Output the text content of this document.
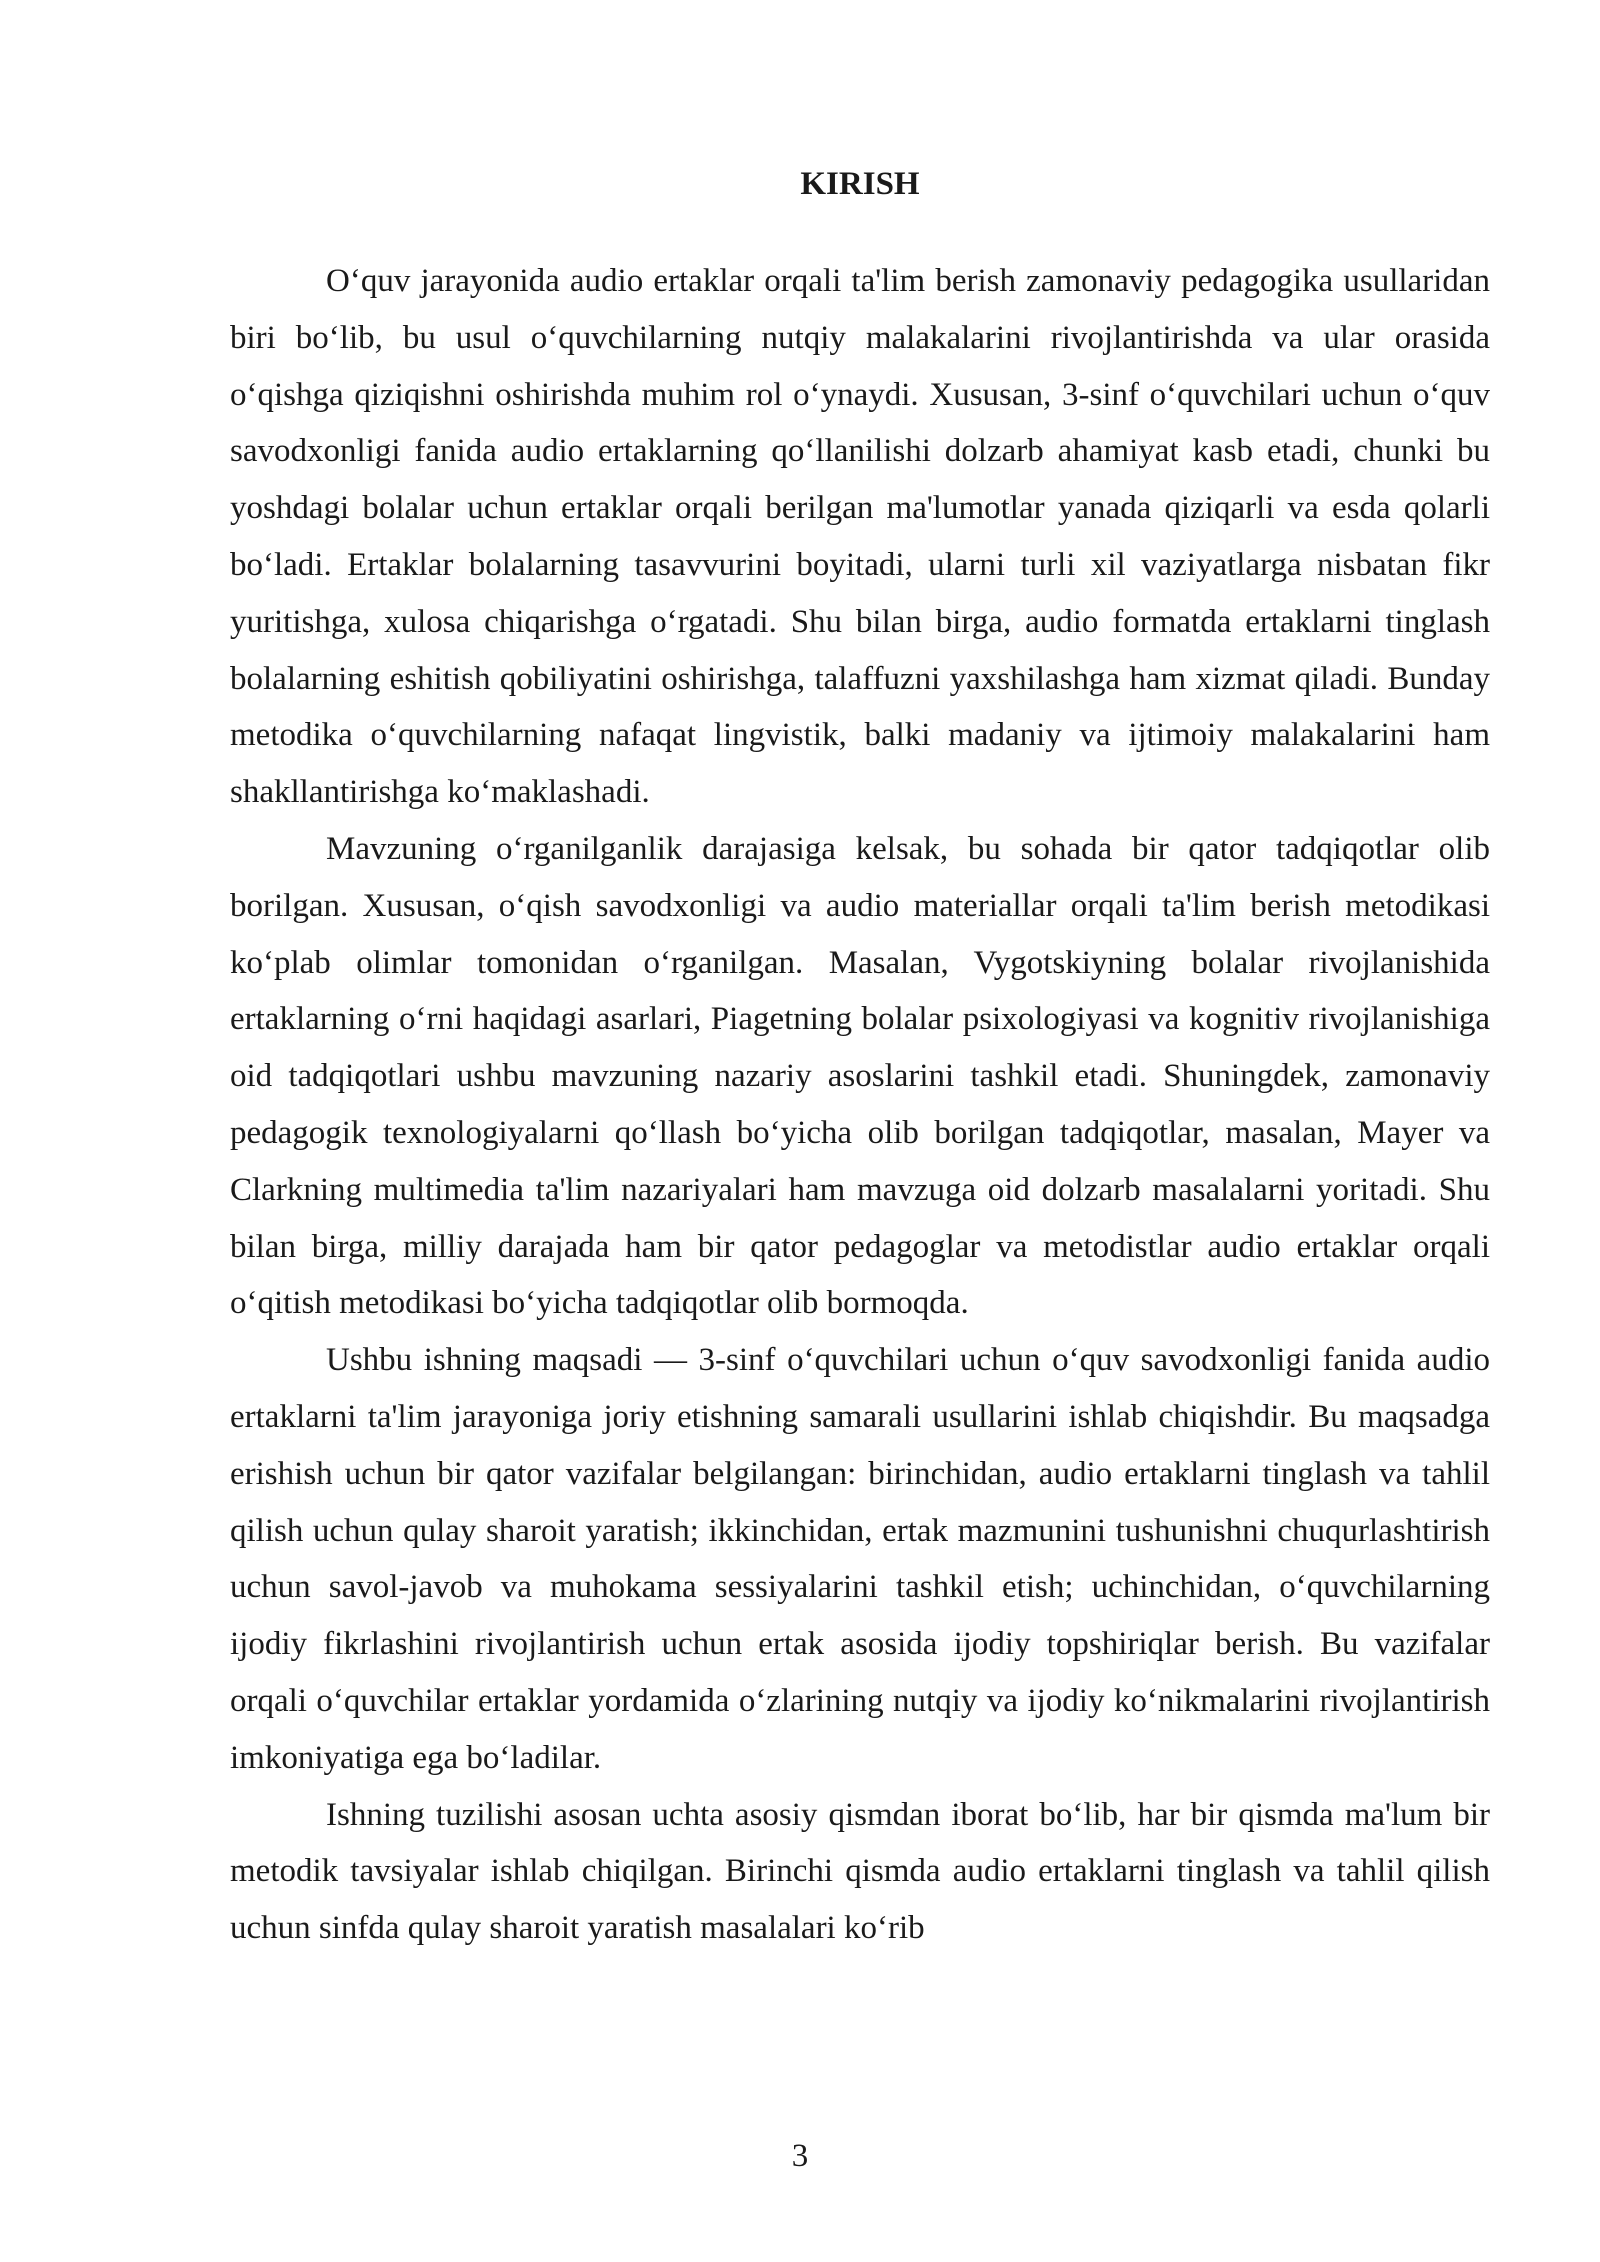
KIRISH

O‘quv jarayonida audio ertaklar orqali ta'lim berish zamonaviy pedagogika usullaridan biri bo‘lib, bu usul o‘quvchilarning nutqiy malakalarini rivojlantirishda va ular orasida o‘qishga qiziqishni oshirishda muhim rol o‘ynaydi. Xususan, 3-sinf o‘quvchilari uchun o‘quv savodxonligi fanida audio ertaklarning qo‘llanilishi dolzarb ahamiyat kasb etadi, chunki bu yoshdagi bolalar uchun ertaklar orqali berilgan ma'lumotlar yanada qiziqarli va esda qolarli bo‘ladi. Ertaklar bolalarning tasavvurini boyitadi, ularni turli xil vaziyatlarga nisbatan fikr yuritishga, xulosa chiqarishga o‘rgatadi. Shu bilan birga, audio formatda ertaklarni tinglash bolalarning eshitish qobiliyatini oshirishga, talaffuzni yaxshilashga ham xizmat qiladi. Bunday metodika o‘quvchilarning nafaqat lingvistik, balki madaniy va ijtimoiy malakalarini ham shakllantirishga ko‘maklashadi.

Mavzuning o‘rganilganlik darajasiga kelsak, bu sohada bir qator tadqiqotlar olib borilgan. Xususan, o‘qish savodxonligi va audio materiallar orqali ta'lim berish metodikasi ko‘plab olimlar tomonidan o‘rganilgan. Masalan, Vygotskiyning bolalar rivojlanishida ertaklarning o‘rni haqidagi asarlari, Piagetning bolalar psixologiyasi va kognitiv rivojlanishiga oid tadqiqotlari ushbu mavzuning nazariy asoslarini tashkil etadi. Shuningdek, zamonaviy pedagogik texnologiyalarni qo‘llash bo‘yicha olib borilgan tadqiqotlar, masalan, Mayer va Clarkning multimedia ta'lim nazariyalari ham mavzuga oid dolzarb masalalarni yoritadi. Shu bilan birga, milliy darajada ham bir qator pedagoglar va metodistlar audio ertaklar orqali o‘qitish metodikasi bo‘yicha tadqiqotlar olib bormoqda.

Ushbu ishning maqsadi — 3-sinf o‘quvchilari uchun o‘quv savodxonligi fanida audio ertaklarni ta'lim jarayoniga joriy etishning samarali usullarini ishlab chiqishdir. Bu maqsadga erishish uchun bir qator vazifalar belgilangan: birinchidan, audio ertaklarni tinglash va tahlil qilish uchun qulay sharoit yaratish; ikkinchidan, ertak mazmunini tushunishni chuqurlashtirish uchun savol-javob va muhokama sessiyalarini tashkil etish; uchinchidan, o‘quvchilarning ijodiy fikrlashini rivojlantirish uchun ertak asosida ijodiy topshiriqlar berish. Bu vazifalar orqali o‘quvchilar ertaklar yordamida o‘zlarining nutqiy va ijodiy ko‘nikmalarini rivojlantirish imkoniyatiga ega bo‘ladilar.

Ishning tuzilishi asosan uchta asosiy qismdan iborat bo‘lib, har bir qismda ma'lum bir metodik tavsiyalar ishlab chiqilgan. Birinchi qismda audio ertaklarni tinglash va tahlil qilish uchun sinfda qulay sharoit yaratish masalalari ko‘rib

3
